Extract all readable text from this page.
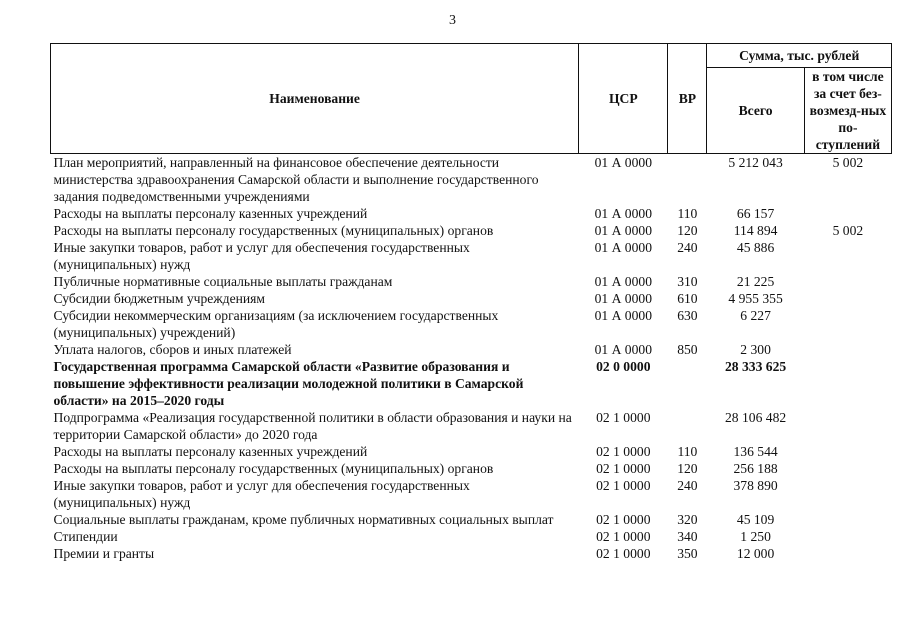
3
Наименование	ЦСР	ВР	Сумма, тыс. рублей	
			Всего	в том числе за счет без-возмезд-ных по-ступлений
План мероприятий, направленный на финансовое обеспечение деятельности министерства здравоохранения Самарской области и выполнение государственного задания подведомственными учреждениями	01 А 0000		5 212 043	5 002
Расходы на выплаты персоналу казенных учреждений	01 А 0000	110	66 157	
Расходы на выплаты персоналу государственных (муниципальных) органов	01 А 0000	120	114 894	5 002
Иные закупки товаров, работ и услуг для обеспечения государственных (муниципальных) нужд	01 А 0000	240	45 886	
Публичные нормативные социальные выплаты гражданам	01 А 0000	310	21 225	
Субсидии бюджетным учреждениям	01 А 0000	610	4 955 355	
Субсидии некоммерческим организациям (за исключением государственных (муниципальных) учреждений)	01 А 0000	630	6 227	
Уплата налогов, сборов и иных платежей	01 А 0000	850	2 300	
Государственная программа Самарской области «Развитие образования и повышение эффективности реализации молодежной политики в Самарской области» на 2015–2020 годы	02 0 0000		28 333 625	
Подпрограмма «Реализация государственной политики в области образования и науки на территории Самарской области» до 2020 года	02 1 0000		28 106 482	
Расходы на выплаты персоналу казенных учреждений	02 1 0000	110	136 544	
Расходы на выплаты персоналу государственных (муниципальных) органов	02 1 0000	120	256 188	
Иные закупки товаров, работ и услуг для обеспечения государственных (муниципальных) нужд	02 1 0000	240	378 890	
Социальные выплаты гражданам, кроме публичных нормативных социальных выплат	02 1 0000	320	45 109	
Стипендии	02 1 0000	340	1 250	
Премии и гранты	02 1 0000	350	12 000	
